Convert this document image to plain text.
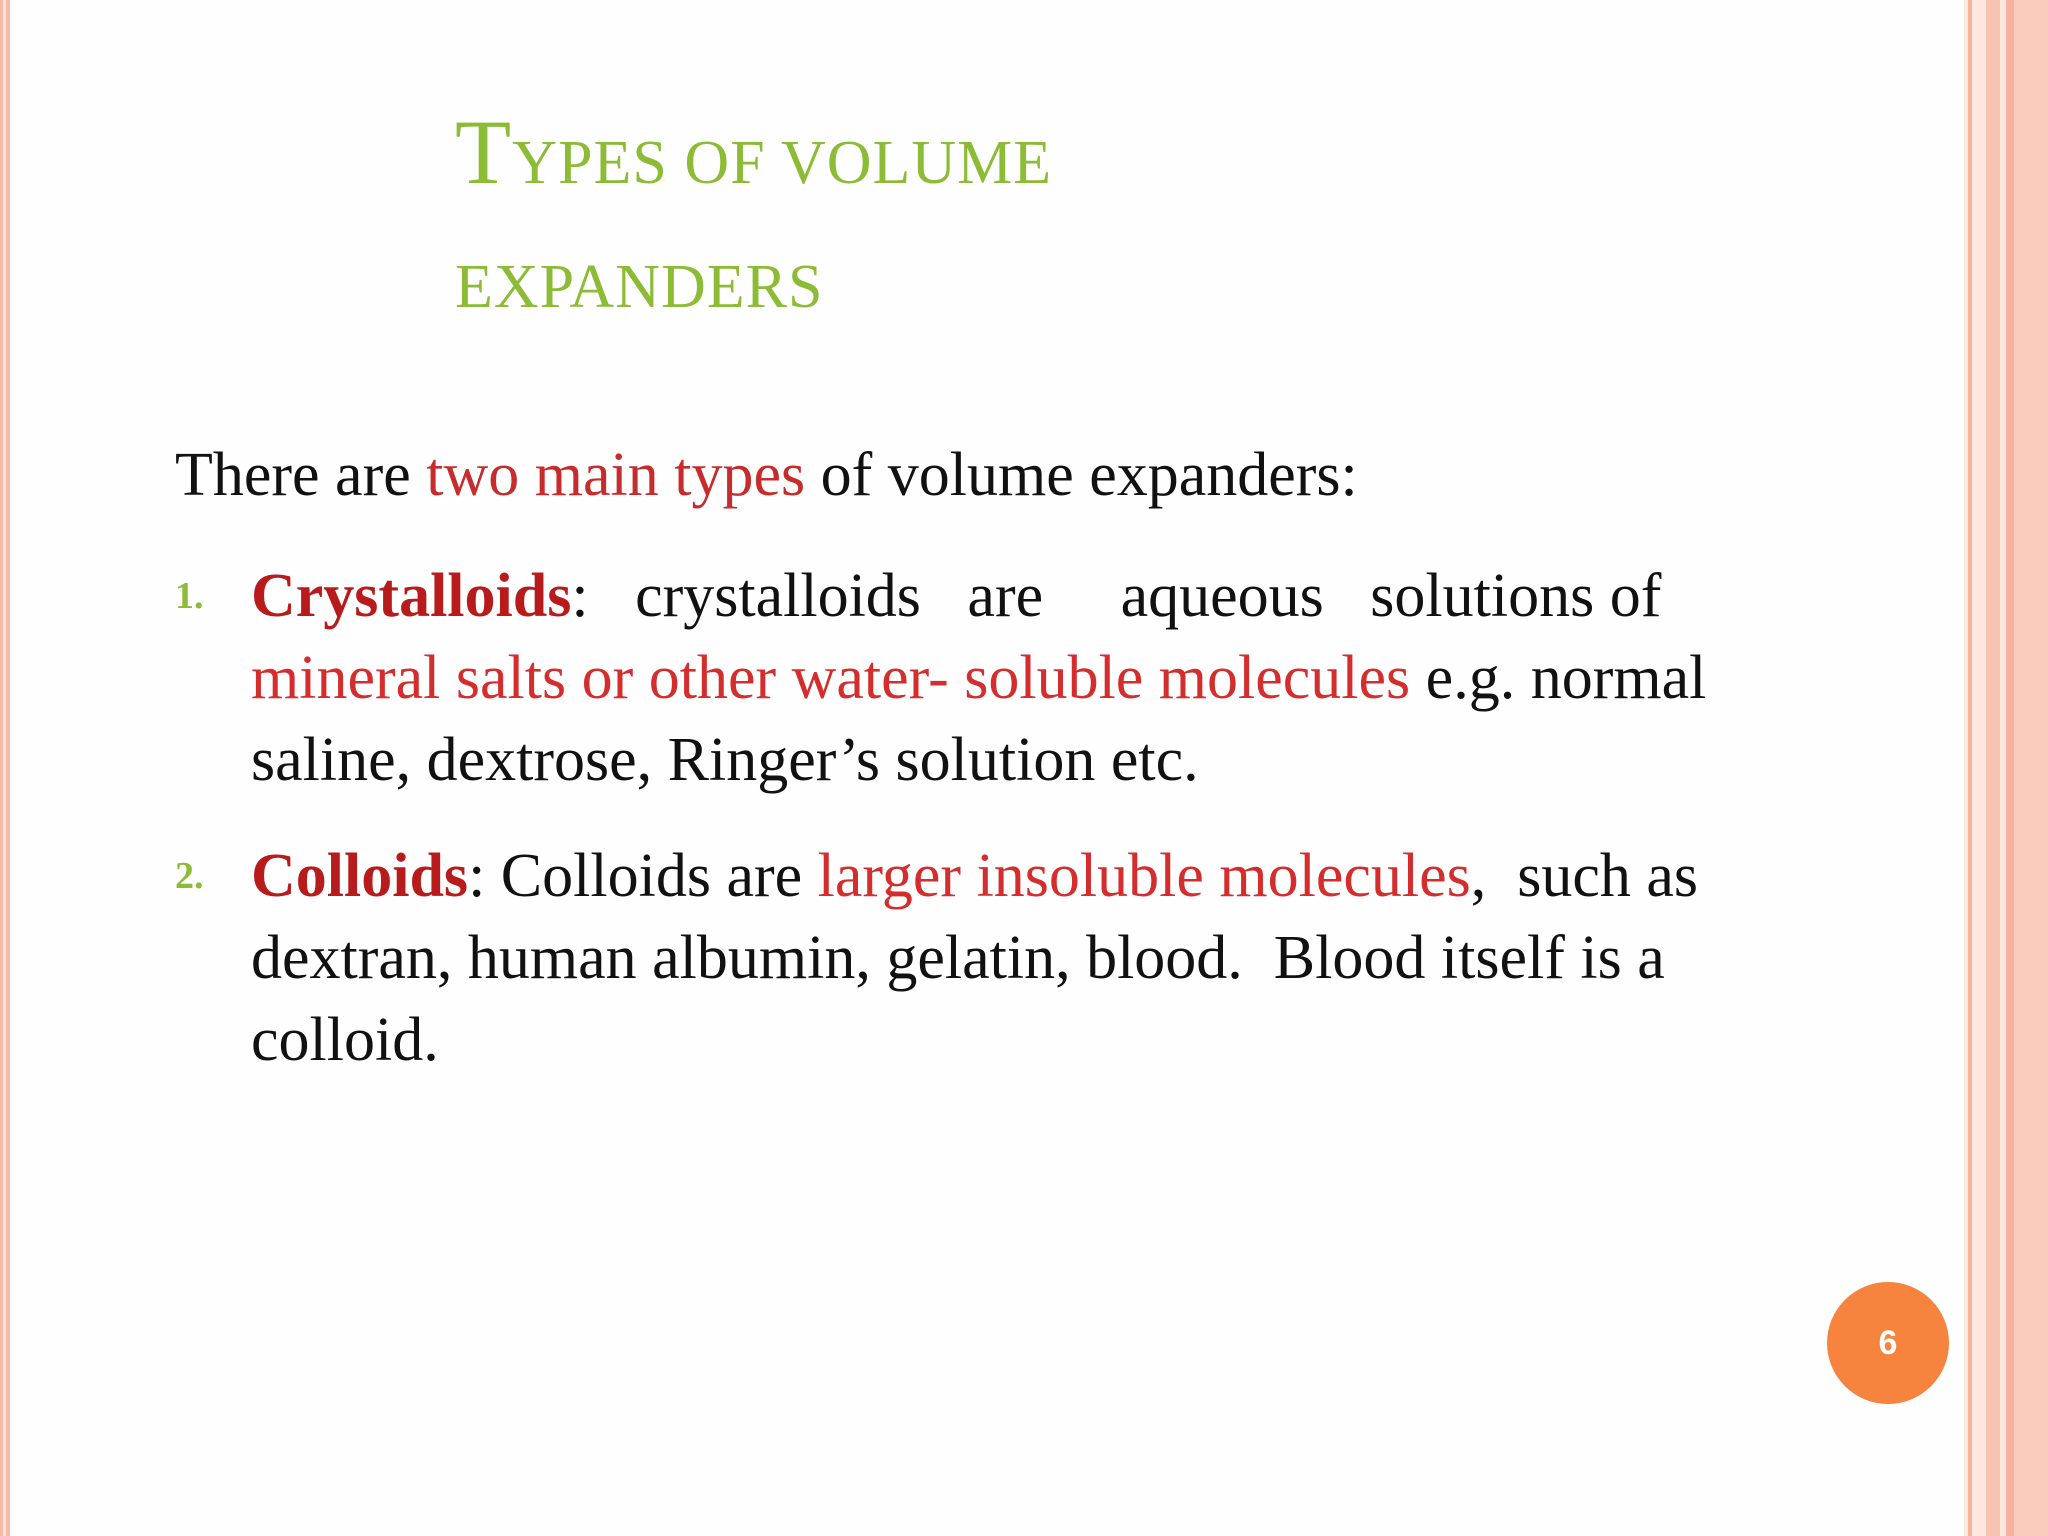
TYPES OF VOLUME
EXPANDERS
There are two main types of volume expanders:
1. Crystalloids:   crystalloids   are     aqueous   solutions of
mineral salts or other water- soluble molecules e.g. normal
saline, dextrose, Ringer’s solution etc.
2. Colloids: Colloids are larger insoluble molecules,  such as
dextran, human albumin, gelatin, blood.  Blood itself is a
colloid.
6
